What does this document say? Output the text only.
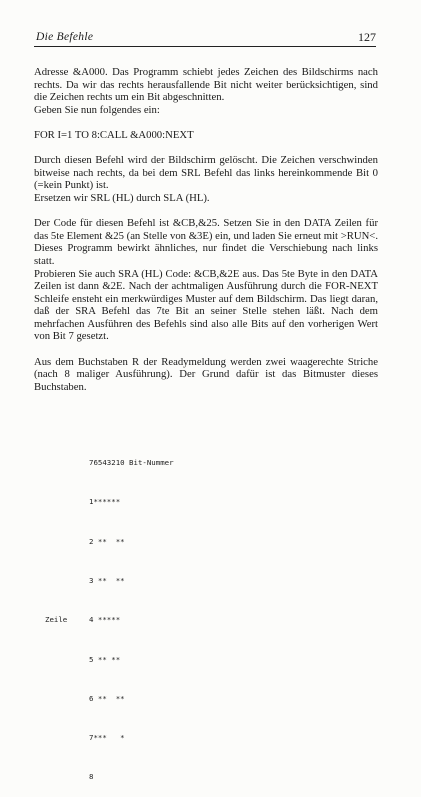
Die Befehle	127

Adresse &A000. Das Programm schiebt jedes Zeichen des Bildschirms nach rechts. Da wir das rechts herausfallende Bit nicht weiter berücksichtigen, sind die Zeichen rechts um ein Bit abgeschnitten.

Geben Sie nun folgendes ein:

FOR I=1 TO 8:CALL &A000:NEXT

Durch diesen Befehl wird der Bildschirm gelöscht. Die Zeichen verschwinden bitweise nach rechts, da bei dem SRL Befehl das links hereinkommende Bit 0 (=kein Punkt) ist.

Ersetzen wir SRL (HL) durch SLA (HL).

Der Code für diesen Befehl ist &CB,&25. Setzen Sie in den DATA Zeilen für das 5te Element &25 (an Stelle von &3E) ein, und laden Sie erneut mit >RUN<. Dieses Programm bewirkt ähnliches, nur findet die Verschiebung nach links statt.

Probieren Sie auch SRA (HL) Code: &CB,&2E aus. Das 5te Byte in den DATA Zeilen ist dann &2E. Nach der achtmaligen Ausführung durch die FOR-NEXT Schleife ensteht ein merkwürdiges Muster auf dem Bildschirm. Das liegt daran, daß der SRA Befehl das 7te Bit an seiner Stelle stehen läßt. Nach dem mehrfachen Ausführen des Befehls sind also alle Bits auf den vorherigen Wert von Bit 7 gesetzt.

Aus dem Buchstaben R der Readymeldung werden zwei waagerechte Striche (nach 8 maliger Ausführung). Der Grund dafür ist das Bitmuster dieses Buchstaben.

76543210 Bit-Nummer

1******

2 **  **

3 **  **

Zeile	4 *****

5 ** **

6 **  **

7***   *

8
